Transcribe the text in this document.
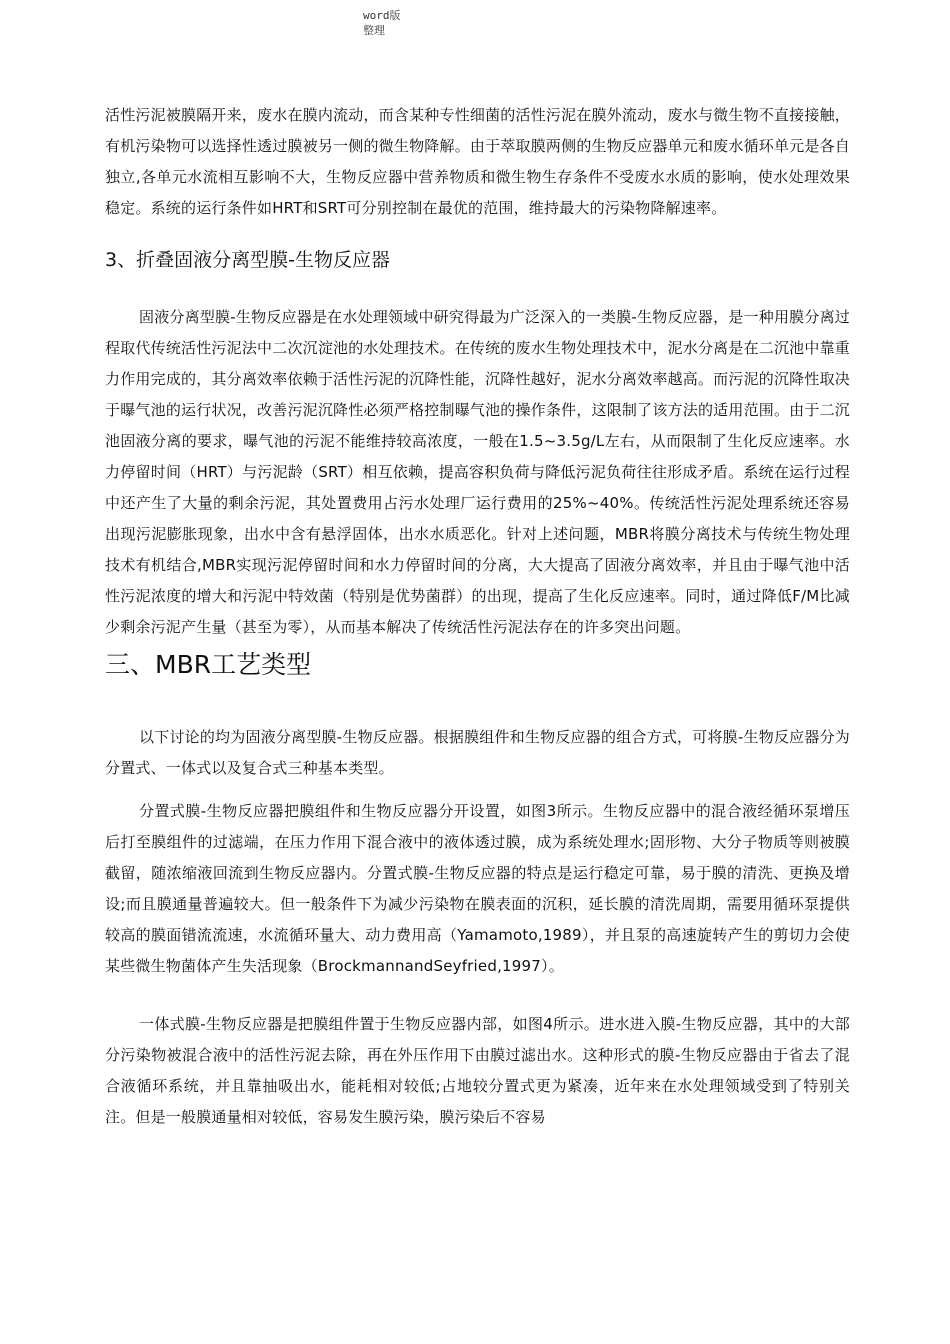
word版
整理

活性污泥被膜隔开来，废水在膜内流动，而含某种专性细菌的活性污泥在膜外流动，废水与微生物不直接接触，有机污染物可以选择性透过膜被另一侧的微生物降解。由于萃取膜两侧的生物反应器单元和废水循环单元是各自独立,各单元水流相互影响不大，生物反应器中营养物质和微生物生存条件不受废水水质的影响，使水处理效果稳定。系统的运行条件如HRT和SRT可分别控制在最优的范围，维持最大的污染物降解速率。

3、折叠固液分离型膜-生物反应器

固液分离型膜-生物反应器是在水处理领域中研究得最为广泛深入的一类膜-生物反应器，是一种用膜分离过程取代传统活性污泥法中二次沉淀池的水处理技术。在传统的废水生物处理技术中，泥水分离是在二沉池中靠重力作用完成的，其分离效率依赖于活性污泥的沉降性能，沉降性越好，泥水分离效率越高。而污泥的沉降性取决于曝气池的运行状况，改善污泥沉降性必须严格控制曝气池的操作条件，这限制了该方法的适用范围。由于二沉池固液分离的要求，曝气池的污泥不能维持较高浓度，一般在1.5~3.5g/L左右，从而限制了生化反应速率。水力停留时间（HRT）与污泥龄（SRT）相互依赖，提高容积负荷与降低污泥负荷往往形成矛盾。系统在运行过程中还产生了大量的剩余污泥，其处置费用占污水处理厂运行费用的25%~40%。传统活性污泥处理系统还容易出现污泥膨胀现象，出水中含有悬浮固体，出水水质恶化。针对上述问题，MBR将膜分离技术与传统生物处理技术有机结合,MBR实现污泥停留时间和水力停留时间的分离，大大提高了固液分离效率，并且由于曝气池中活性污泥浓度的增大和污泥中特效菌（特别是优势菌群）的出现，提高了生化反应速率。同时，通过降低F/M比减少剩余污泥产生量（甚至为零），从而基本解决了传统活性污泥法存在的许多突出问题。

三、MBR工艺类型

以下讨论的均为固液分离型膜-生物反应器。根据膜组件和生物反应器的组合方式，可将膜-生物反应器分为分置式、一体式以及复合式三种基本类型。

分置式膜-生物反应器把膜组件和生物反应器分开设置，如图3所示。生物反应器中的混合液经循环泵增压后打至膜组件的过滤端，在压力作用下混合液中的液体透过膜，成为系统处理水;固形物、大分子物质等则被膜截留，随浓缩液回流到生物反应器内。分置式膜-生物反应器的特点是运行稳定可靠，易于膜的清洗、更换及增设;而且膜通量普遍较大。但一般条件下为减少污染物在膜表面的沉积，延长膜的清洗周期，需要用循环泵提供较高的膜面错流流速，水流循环量大、动力费用高（Yamamoto,1989），并且泵的高速旋转产生的剪切力会使某些微生物菌体产生失活现象（BrockmannandSeyfried,1997）。

一体式膜-生物反应器是把膜组件置于生物反应器内部，如图4所示。进水进入膜-生物反应器，其中的大部分污染物被混合液中的活性污泥去除，再在外压作用下由膜过滤出水。这种形式的膜-生物反应器由于省去了混合液循环系统，并且靠抽吸出水，能耗相对较低;占地较分置式更为紧凑，近年来在水处理领域受到了特别关注。但是一般膜通量相对较低，容易发生膜污染，膜污染后不容易
